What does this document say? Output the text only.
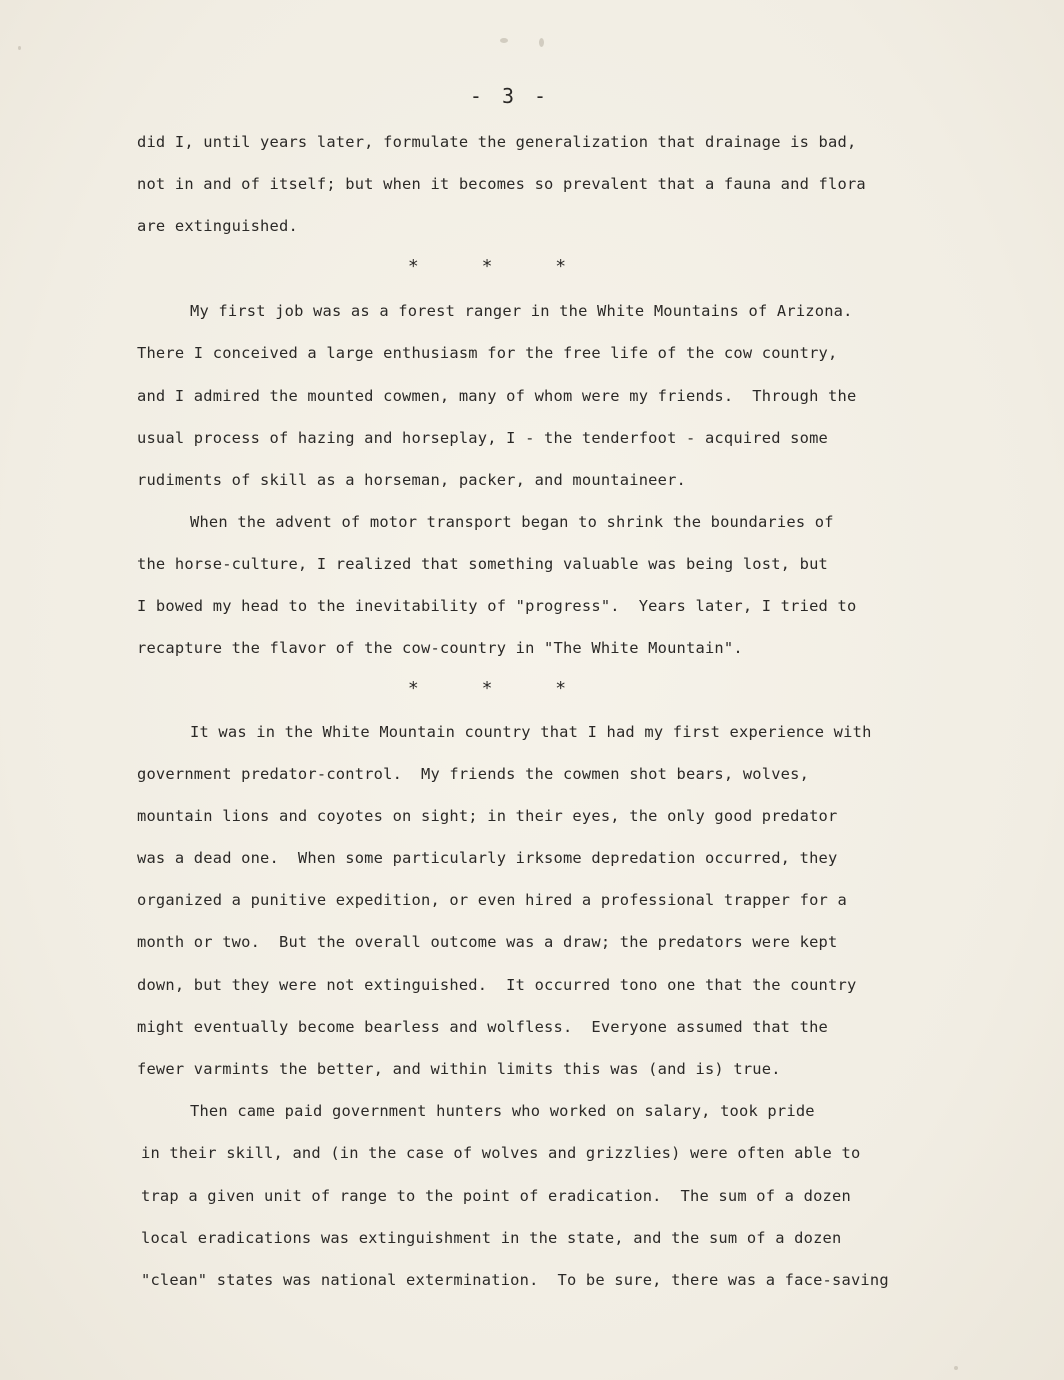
- 3 -
did I, until years later, formulate the generalization that drainage is bad,
not in and of itself; but when it becomes so prevalent that a fauna and flora
are extinguished.
* * *
My first job was as a forest ranger in the White Mountains of Arizona.
There I conceived a large enthusiasm for the free life of the cow country,
and I admired the mounted cowmen, many of whom were my friends.  Through the
usual process of hazing and horseplay, I - the tenderfoot - acquired some
rudiments of skill as a horseman, packer, and mountaineer.
When the advent of motor transport began to shrink the boundaries of
the horse-culture, I realized that something valuable was being lost, but
I bowed my head to the inevitability of "progress".  Years later, I tried to
recapture the flavor of the cow-country in "The White Mountain".
* * *
It was in the White Mountain country that I had my first experience with
government predator-control.  My friends the cowmen shot bears, wolves,
mountain lions and coyotes on sight; in their eyes, the only good predator
was a dead one.  When some particularly irksome depredation occurred, they
organized a punitive expedition, or even hired a professional trapper for a
month or two.  But the overall outcome was a draw; the predators were kept
down, but they were not extinguished.  It occurred tono one that the country
might eventually become bearless and wolfless.  Everyone assumed that the
fewer varmints the better, and within limits this was (and is) true.
Then came paid government hunters who worked on salary, took pride
in their skill, and (in the case of wolves and grizzlies) were often able to
trap a given unit of range to the point of eradication.  The sum of a dozen
local eradications was extinguishment in the state, and the sum of a dozen
"clean" states was national extermination.  To be sure, there was a face-saving
